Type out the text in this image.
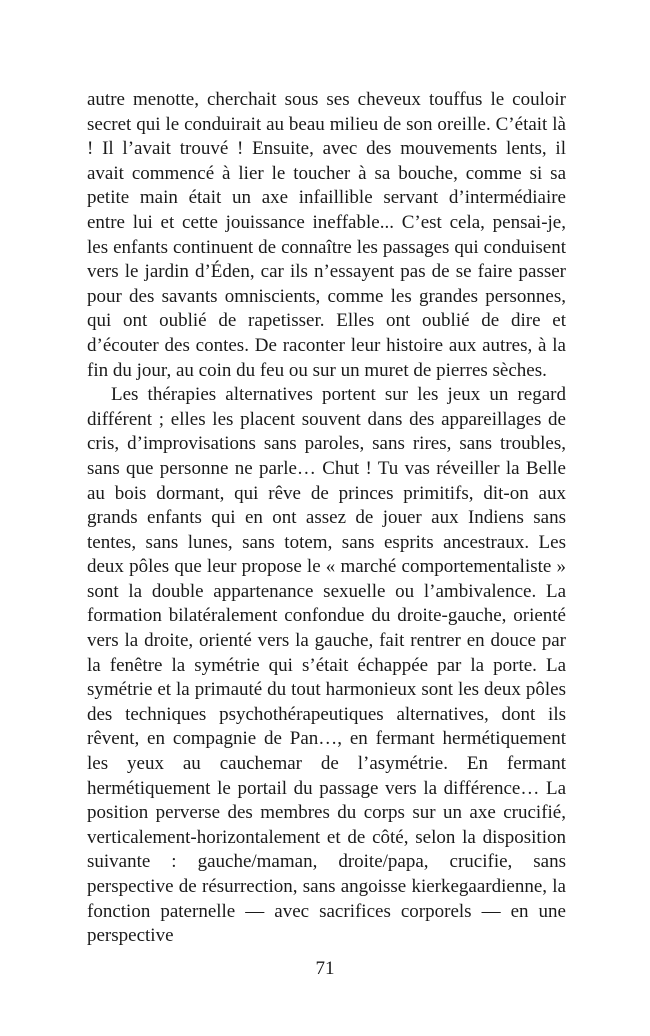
autre menotte, cherchait sous ses cheveux touffus le couloir secret qui le conduirait au beau milieu de son oreille. C’était là ! Il l’avait trouvé ! Ensuite, avec des mouvements lents, il avait commencé à lier le toucher à sa bouche, comme si sa petite main était un axe infaillible servant d’intermédiaire entre lui et cette jouissance ineffable... C’est cela, pensai-je, les enfants continuent de connaître les passages qui conduisent vers le jardin d’Éden, car ils n’essayent pas de se faire passer pour des savants omniscients, comme les grandes personnes, qui ont oublié de rapetisser. Elles ont oublié de dire et d’écouter des contes. De raconter leur histoire aux autres, à la fin du jour, au coin du feu ou sur un muret de pierres sèches.

Les thérapies alternatives portent sur les jeux un regard différent ; elles les placent souvent dans des appareillages de cris, d’improvisations sans paroles, sans rires, sans troubles, sans que personne ne parle… Chut ! Tu vas réveiller la Belle au bois dormant, qui rêve de princes primitifs, dit-on aux grands enfants qui en ont assez de jouer aux Indiens sans tentes, sans lunes, sans totem, sans esprits ancestraux. Les deux pôles que leur propose le « marché comportementaliste » sont la double appartenance sexuelle ou l’ambivalence. La formation bilatéralement confondue du droite-gauche, orienté vers la droite, orienté vers la gauche, fait rentrer en douce par la fenêtre la symétrie qui s’était échappée par la porte. La symétrie et la primauté du tout harmonieux sont les deux pôles des techniques psychothérapeutiques alternatives, dont ils rêvent, en compagnie de Pan…, en fermant hermétiquement les yeux au cauchemar de l’asymétrie. En fermant hermétiquement le portail du passage vers la différence… La position perverse des membres du corps sur un axe crucifié, verticalement-horizontalement et de côté, selon la disposition suivante : gauche/maman, droite/papa, crucifie, sans perspective de résurrection, sans angoisse kierkegaardienne, la fonction paternelle — avec sacrifices corporels — en une perspective

71
